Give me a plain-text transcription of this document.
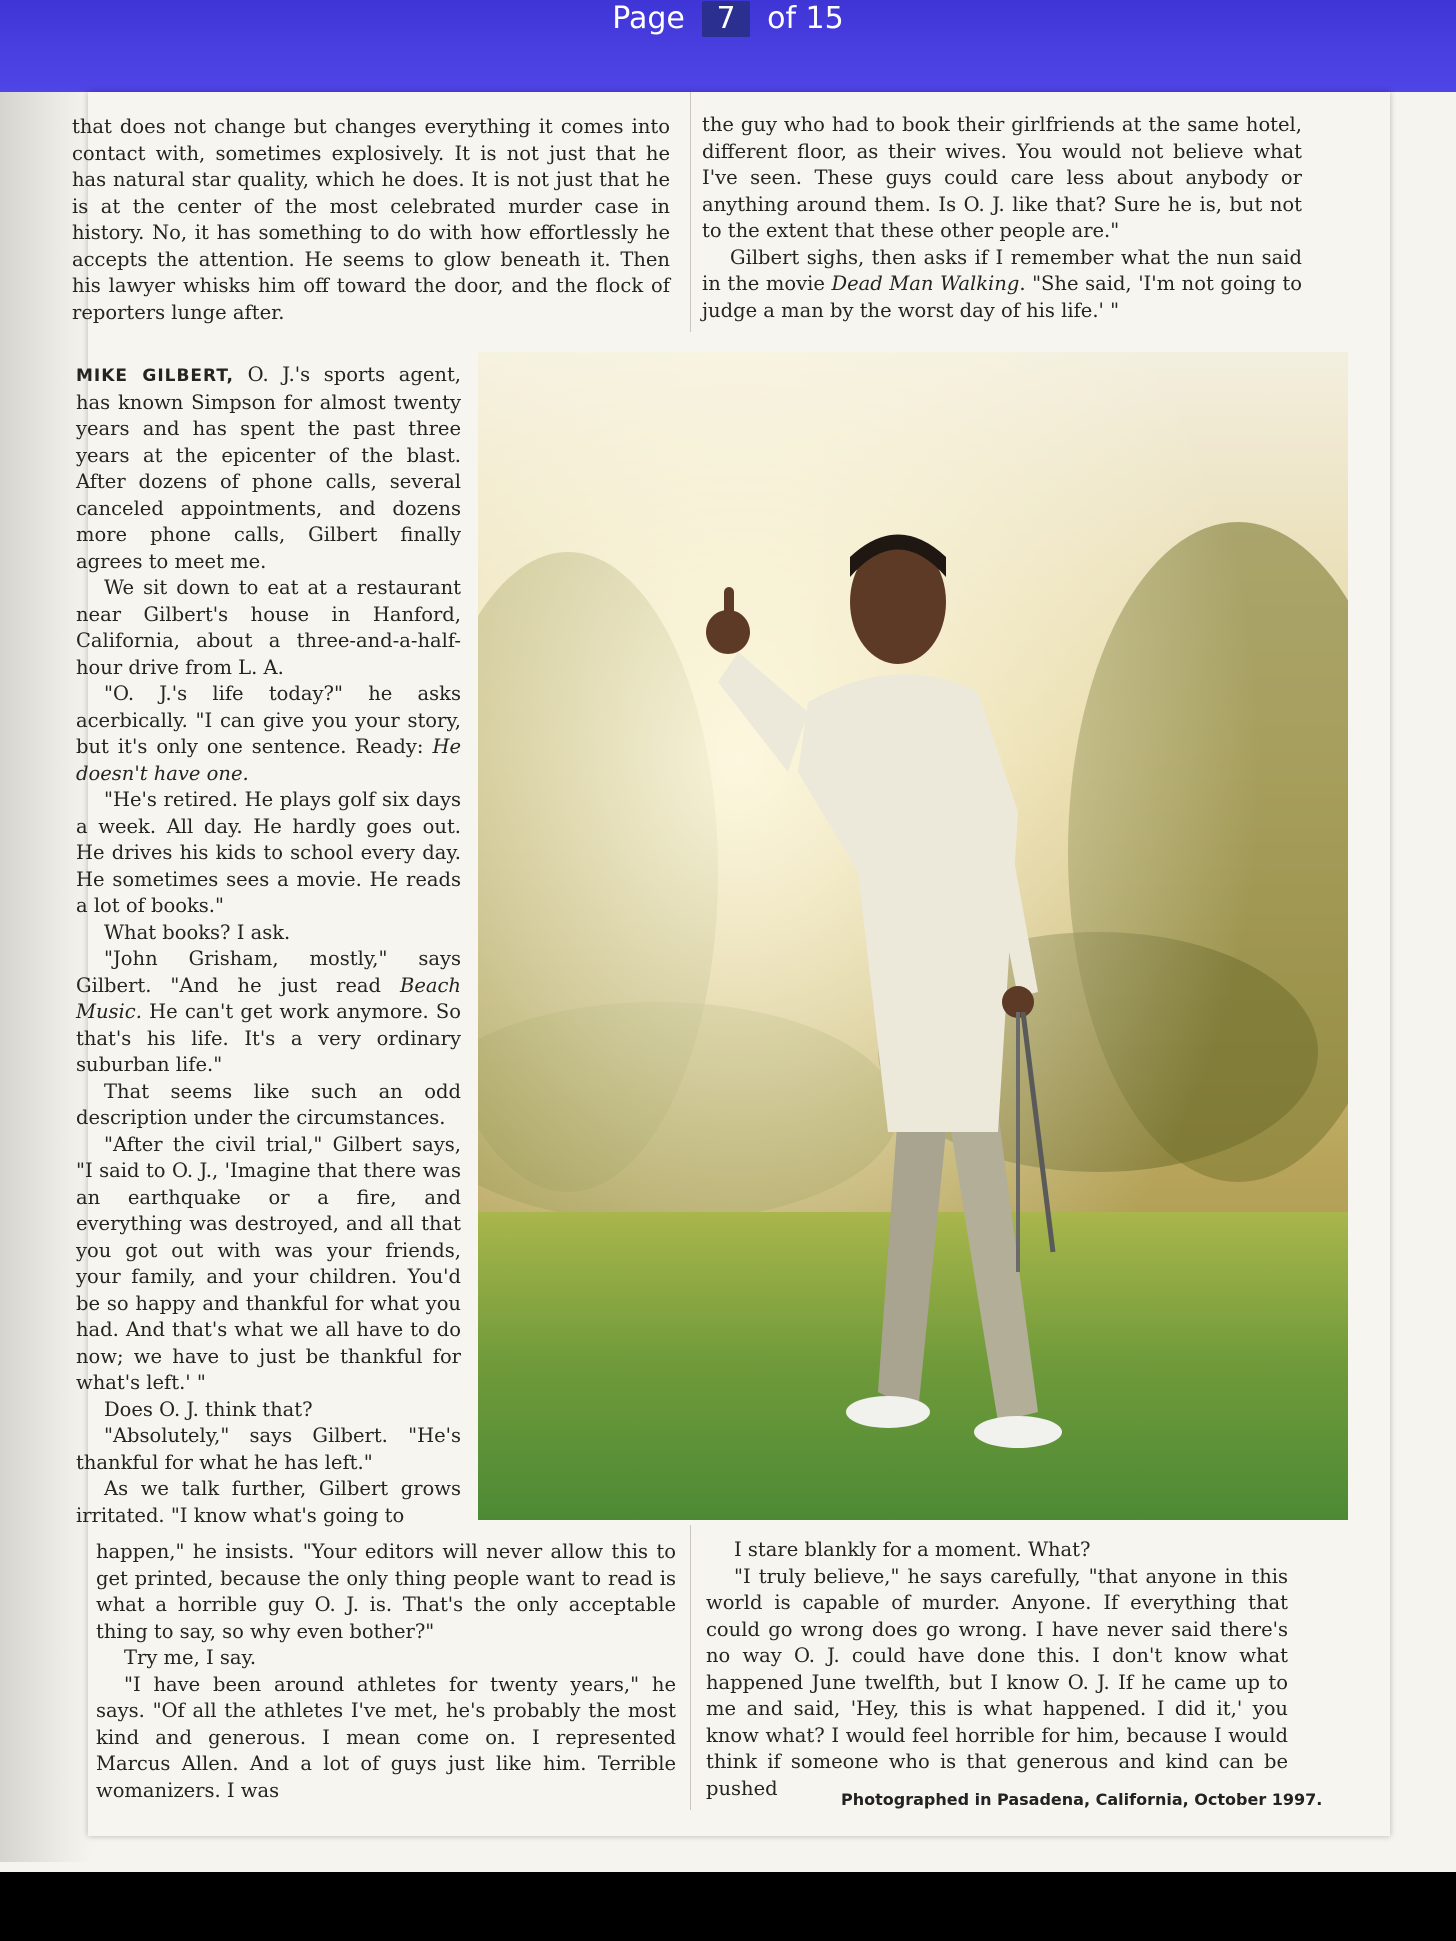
Page 7 of 15

that does not change but changes everything it comes into contact with, sometimes explosively. It is not just that he has natural star quality, which he does. It is not just that he is at the center of the most celebrated murder case in history. No, it has something to do with how effortlessly he accepts the attention. He seems to glow beneath it. Then his lawyer whisks him off toward the door, and the flock of reporters lunge after.

the guy who had to book their girlfriends at the same hotel, different floor, as their wives. You would not believe what I've seen. These guys could care less about anybody or anything around them. Is O. J. like that? Sure he is, but not to the extent that these other people are."

Gilbert sighs, then asks if I remember what the nun said in the movie Dead Man Walking. "She said, 'I'm not going to judge a man by the worst day of his life.' "

MIKE GILBERT, O. J.'s sports agent, has known Simpson for almost twenty years and has spent the past three years at the epicenter of the blast. After dozens of phone calls, several canceled appointments, and dozens more phone calls, Gilbert finally agrees to meet me.

We sit down to eat at a restaurant near Gilbert's house in Hanford, California, about a three-and-a-half-hour drive from L. A.

"O. J.'s life today?" he asks acerbically. "I can give you your story, but it's only one sentence. Ready: He doesn't have one.

"He's retired. He plays golf six days a week. All day. He hardly goes out. He drives his kids to school every day. He sometimes sees a movie. He reads a lot of books."

What books? I ask.

"John Grisham, mostly," says Gilbert. "And he just read Beach Music. He can't get work anymore. So that's his life. It's a very ordinary suburban life."

That seems like such an odd description under the circumstances.

"After the civil trial," Gilbert says, "I said to O. J., 'Imagine that there was an earthquake or a fire, and everything was destroyed, and all that you got out with was your friends, your family, and your children. You'd be so happy and thankful for what you had. And that's what we all have to do now; we have to just be thankful for what's left.' "

Does O. J. think that?

"Absolutely," says Gilbert. "He's thankful for what he has left."

As we talk further, Gilbert grows irritated. "I know what's going to

happen," he insists. "Your editors will never allow this to get printed, because the only thing people want to read is what a horrible guy O. J. is. That's the only acceptable thing to say, so why even bother?"

Try me, I say.

"I have been around athletes for twenty years," he says. "Of all the athletes I've met, he's probably the most kind and generous. I mean come on. I represented Marcus Allen. And a lot of guys just like him. Terrible womanizers. I was

I stare blankly for a moment. What?

"I truly believe," he says carefully, "that anyone in this world is capable of murder. Anyone. If everything that could go wrong does go wrong. I have never said there's no way O. J. could have done this. I don't know what happened June twelfth, but I know O. J. If he came up to me and said, 'Hey, this is what happened. I did it,' you know what? I would feel horrible for him, because I would think if someone who is that generous and kind can be pushed	Photographed in Pasadena, California, October 1997.
